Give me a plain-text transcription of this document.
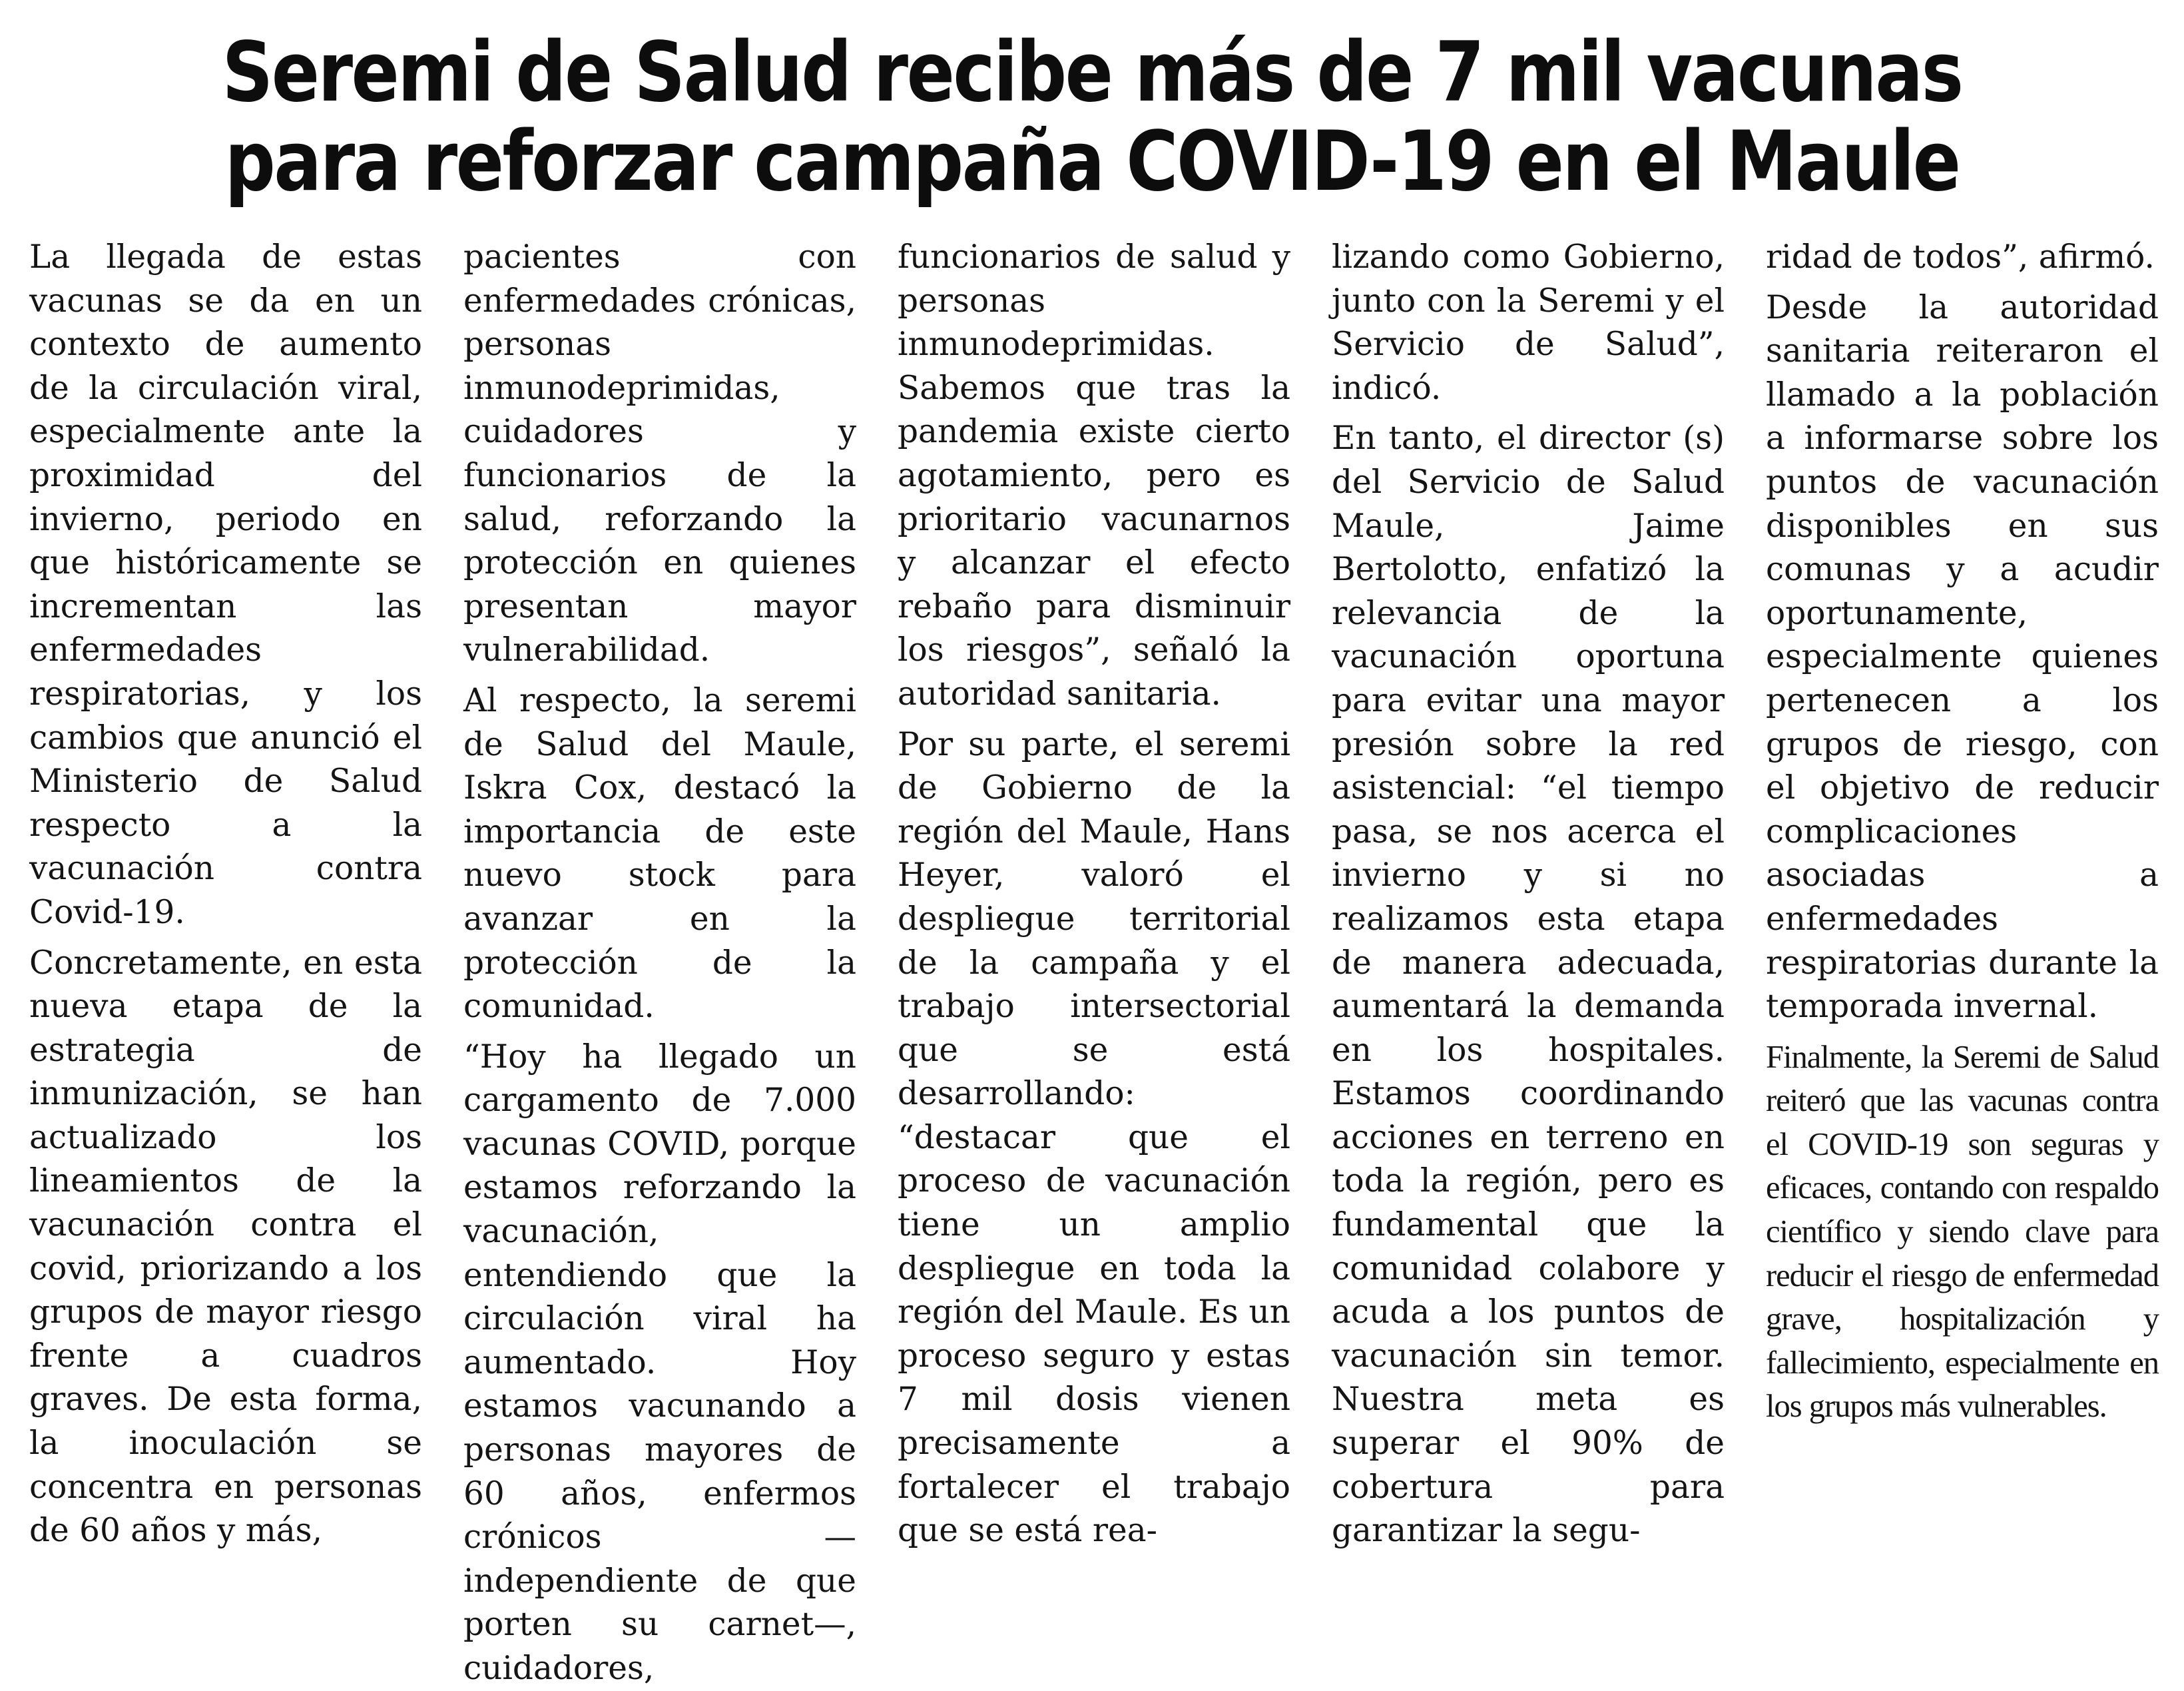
Seremi de Salud recibe más de 7 mil vacunas para reforzar campaña COVID-19 en el Maule

La llegada de estas vacunas se da en un contexto de aumento de la circulación viral, especialmente ante la proximidad del invierno, periodo en que históricamente se incrementan las enfermedades respiratorias, y los cambios que anunció el Ministerio de Salud respecto a la vacunación contra Covid-19.

Concretamente, en esta nueva etapa de la estrategia de inmunización, se han actualizado los lineamientos de la vacunación contra el covid, priorizando a los grupos de mayor riesgo frente a cuadros graves. De esta forma, la inoculación se concentra en personas de 60 años y más,

pacientes con enfermedades crónicas, personas inmunodeprimidas, cuidadores y funcionarios de la salud, reforzando la protección en quienes presentan mayor vulnerabilidad.

Al respecto, la seremi de Salud del Maule, Iskra Cox, destacó la importancia de este nuevo stock para avanzar en la protección de la comunidad.

“Hoy ha llegado un cargamento de 7.000 vacunas COVID, porque estamos reforzando la vacunación, entendiendo que la circulación viral ha aumentado. Hoy estamos vacunando a personas mayores de 60 años, enfermos crónicos —independiente de que porten su carnet—, cuidadores,

funcionarios de salud y personas inmunodeprimidas. Sabemos que tras la pandemia existe cierto agotamiento, pero es prioritario vacunarnos y alcanzar el efecto rebaño para disminuir los riesgos”, señaló la autoridad sanitaria.

Por su parte, el seremi de Gobierno de la región del Maule, Hans Heyer, valoró el despliegue territorial de la campaña y el trabajo intersectorial que se está desarrollando: “destacar que el proceso de vacunación tiene un amplio despliegue en toda la región del Maule. Es un proceso seguro y estas 7 mil dosis vienen precisamente a fortalecer el trabajo que se está rea-

lizando como Gobierno, junto con la Seremi y el Servicio de Salud”, indicó.

En tanto, el director (s) del Servicio de Salud Maule, Jaime Bertolotto, enfatizó la relevancia de la vacunación oportuna para evitar una mayor presión sobre la red asistencial: “el tiempo pasa, se nos acerca el invierno y si no realizamos esta etapa de manera adecuada, aumentará la demanda en los hospitales. Estamos coordinando acciones en terreno en toda la región, pero es fundamental que la comunidad colabore y acuda a los puntos de vacunación sin temor. Nuestra meta es superar el 90% de cobertura para garantizar la segu-

ridad de todos”, afirmó.

Desde la autoridad sanitaria reiteraron el llamado a la población a informarse sobre los puntos de vacunación disponibles en sus comunas y a acudir oportunamente, especialmente quienes pertenecen a los grupos de riesgo, con el objetivo de reducir complicaciones asociadas a enfermedades respiratorias durante la temporada invernal.

Finalmente, la Seremi de Salud reiteró que las vacunas contra el COVID-19 son seguras y eficaces, contando con respaldo científico y siendo clave para reducir el riesgo de enfermedad grave, hospitalización y fallecimiento, especialmente en los grupos más vulnerables.
